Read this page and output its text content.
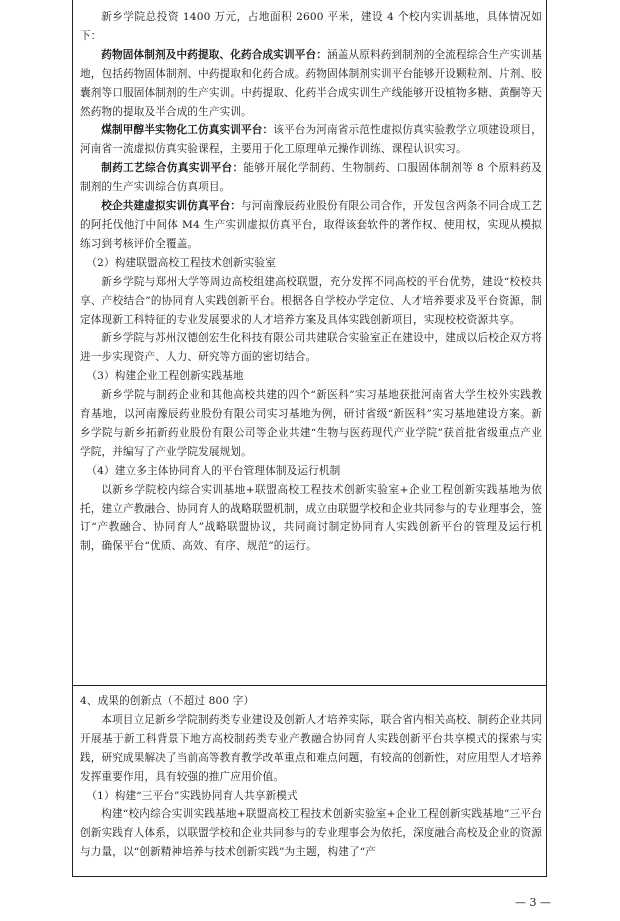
新乡学院总投资 1400 万元，占地面积 2600 平米，建设 4 个校内实训基地，具体情况如下：

药物固体制剂及中药提取、化药合成实训平台：涵盖从原料药到制剂的全流程综合生产实训基地，包括药物固体制剂、中药提取和化药合成。药物固体制剂实训平台能够开设颗粒剂、片剂、胶囊剂等口服固体制剂的生产实训。中药提取、化药半合成实训生产线能够开设植物多糖、黄酮等天然药物的提取及半合成的生产实训。

煤制甲醇半实物化工仿真实训平台：该平台为河南省示范性虚拟仿真实验教学立项建设项目，河南省一流虚拟仿真实验课程，主要用于化工原理单元操作训练、课程认识实习。

制药工艺综合仿真实训平台：能够开展化学制药、生物制药、口服固体制剂等 8 个原料药及制剂的生产实训综合仿真项目。

校企共建虚拟实训仿真平台：与河南豫辰药业股份有限公司合作，开发包含两条不同合成工艺的阿托伐他汀中间体 M4 生产实训虚拟仿真平台，取得该套软件的著作权、使用权，实现从模拟练习到考核评价全覆盖。

（2）构建联盟高校工程技术创新实验室

新乡学院与郑州大学等周边高校组建高校联盟，充分发挥不同高校的平台优势，建设“校校共享、产校结合”的协同育人实践创新平台。根据各自学校办学定位、人才培养要求及平台资源，制定体现新工科特征的专业发展要求的人才培养方案及具体实践创新项目，实现校校资源共享。

新乡学院与苏州汉德创宏生化科技有限公司共建联合实验室正在建设中，建成以后校企双方将进一步实现资产、人力、研究等方面的密切结合。

（3）构建企业工程创新实践基地

新乡学院与制药企业和其他高校共建的四个“新医科”实习基地获批河南省大学生校外实践教育基地，以河南豫辰药业股份有限公司实习基地为例，研讨省级“新医科”实习基地建设方案。新乡学院与新乡拓新药业股份有限公司等企业共建“生物与医药现代产业学院”获首批省级重点产业学院，并编写了产业学院发展规划。

（4）建立多主体协同育人的平台管理体制及运行机制

以新乡学院校内综合实训基地+联盟高校工程技术创新实验室+企业工程创新实践基地为依托，建立产教融合、协同育人的战略联盟机制，成立由联盟学校和企业共同参与的专业理事会，签订“产教融合、协同育人”战略联盟协议，共同商讨制定协同育人实践创新平台的管理及运行机制，确保平台“优质、高效、有序、规范”的运行。

4、成果的创新点（不超过 800 字）

本项目立足新乡学院制药类专业建设及创新人才培养实际，联合省内相关高校、制药企业共同开展基于新工科背景下地方高校制药类专业产教融合协同育人实践创新平台共享模式的探索与实践，研究成果解决了当前高等教育教学改革重点和难点问题，有较高的创新性，对应用型人才培养发挥重要作用，具有较强的推广应用价值。

（1）构建“三平台”实践协同育人共享新模式

构建“校内综合实训实践基地+联盟高校工程技术创新实验室+企业工程创新实践基地”三平台创新实践育人体系，以联盟学校和企业共同参与的专业理事会为依托，深度融合高校及企业的资源与力量，以“创新精神培养与技术创新实践”为主题，构建了“产

— 3 —
